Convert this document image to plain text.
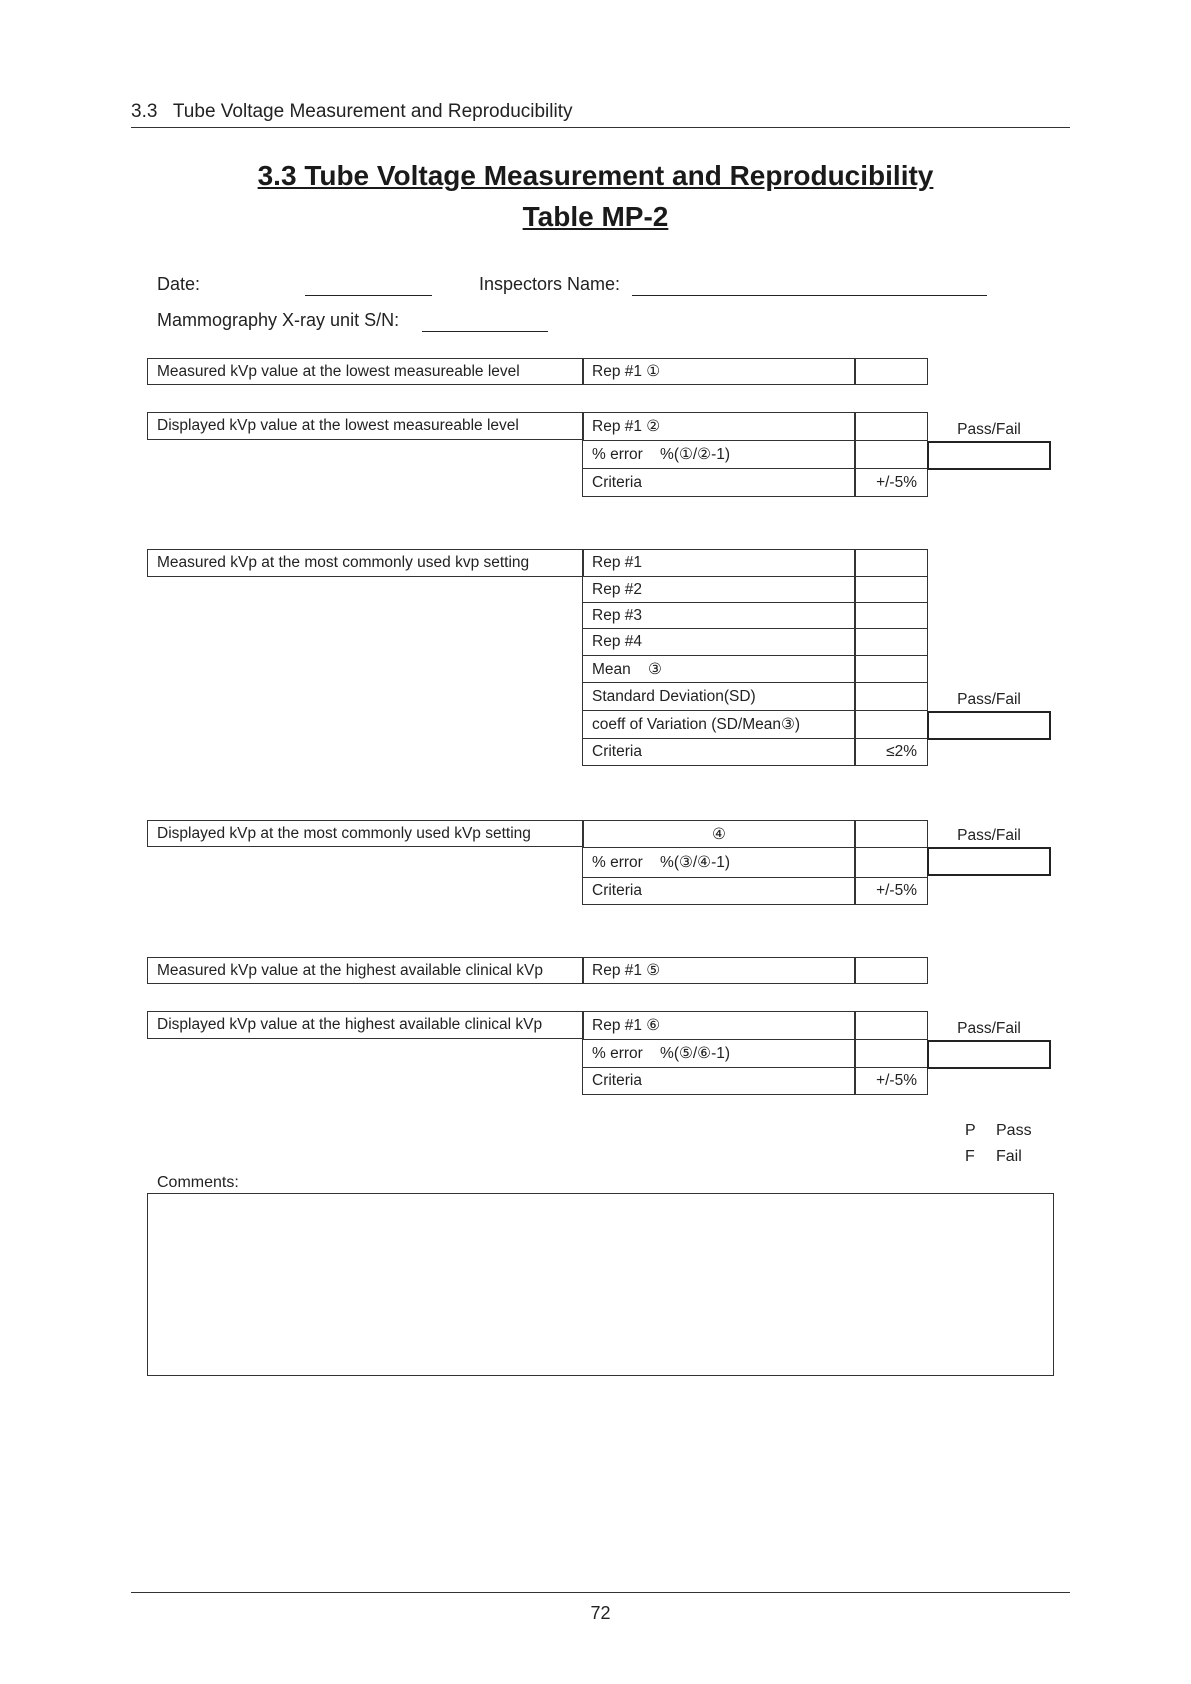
3.3   Tube Voltage Measurement and Reproducibility
3.3 Tube Voltage Measurement and Reproducibility
Table MP-2
Date:	Inspectors Name:
Mammography X-ray unit S/N:
Measured kVp value at the lowest measureable level	Rep #1 ①
Displayed kVp value at the lowest measureable level	Rep #1 ②
% error    %(①/②-1)
Criteria	+/-5%
Pass/Fail
Measured kVp at the most commonly used kvp setting	Rep #1
Rep #2
Rep #3
Rep #4
Mean    ③
Standard Deviation(SD)
coeff of Variation (SD/Mean③)
Criteria	≤2%
Pass/Fail
Displayed kVp at the most commonly used kVp setting	④
% error    %(③/④-1)
Criteria	+/-5%
Pass/Fail
Measured kVp value at the highest available clinical kVp	Rep #1 ⑤
Displayed kVp value at the highest available clinical kVp	Rep #1 ⑥
% error    %(⑤/⑥-1)
Criteria	+/-5%
Pass/Fail
P Pass
F Fail
Comments:
72
